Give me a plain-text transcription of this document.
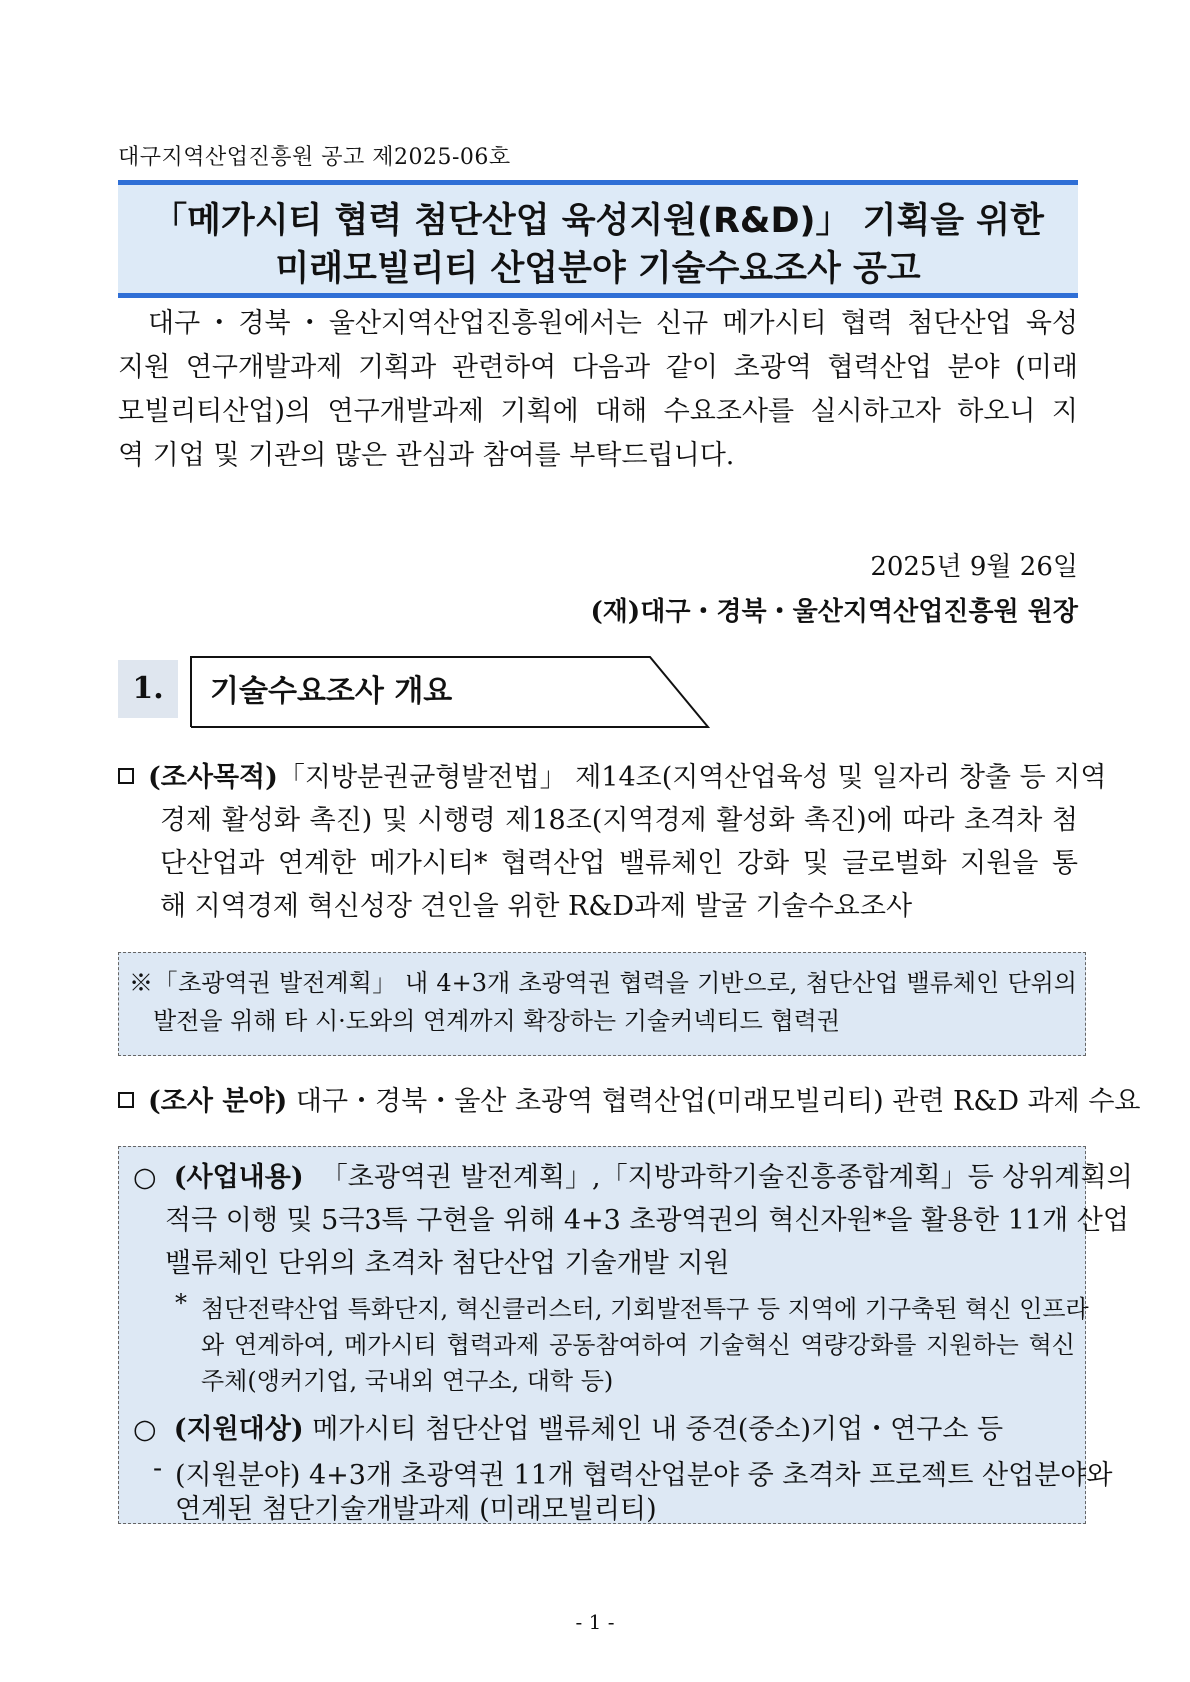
대구지역산업진흥원 공고 제2025-06호
「메가시티 협력 첨단산업 육성지원(R&D)」 기획을 위한
미래모빌리티 산업분야 기술수요조사 공고
대구・경북・울산지역산업진흥원에서는 신규 메가시티 협력 첨단산업 육성
지원 연구개발과제 기획과 관련하여 다음과 같이 초광역 협력산업 분야 (미래
모빌리티산업)의 연구개발과제 기획에 대해 수요조사를 실시하고자 하오니 지
역 기업 및 기관의 많은 관심과 참여를 부탁드립니다.
2025년 9월 26일
(재)대구・경북・울산지역산업진흥원 원장
1.	기술수요조사 개요
(조사목적)「지방분권균형발전법」 제14조(지역산업육성 및 일자리 창출 등 지역
경제 활성화 촉진) 및 시행령 제18조(지역경제 활성화 촉진)에 따라 초격차 첨
단산업과 연계한 메가시티* 협력산업 밸류체인 강화 및 글로벌화 지원을 통
해 지역경제 혁신성장 견인을 위한 R&D과제 발굴 기술수요조사
※「초광역권 발전계획」 내 4+3개 초광역권 협력을 기반으로, 첨단산업 밸류체인 단위의
발전을 위해 타 시·도와의 연계까지 확장하는 기술커넥티드 협력권
(조사 분야) 대구・경북・울산 초광역 협력산업(미래모빌리티) 관련 R&D 과제 수요
○ (사업내용) 「초광역권 발전계획」,「지방과학기술진흥종합계획」등 상위계획의
적극 이행 및 5극3특 구현을 위해 4+3 초광역권의 혁신자원*을 활용한 11개 산업
밸류체인 단위의 초격차 첨단산업 기술개발 지원
* 첨단전략산업 특화단지, 혁신클러스터, 기회발전특구 등 지역에 기구축된 혁신 인프라
와 연계하여, 메가시티 협력과제 공동참여하여 기술혁신 역량강화를 지원하는 혁신
주체(앵커기업, 국내외 연구소, 대학 등)
○ (지원대상) 메가시티 첨단산업 밸류체인 내 중견(중소)기업・연구소 등
- (지원분야) 4+3개 초광역권 11개 협력산업분야 중 초격차 프로젝트 산업분야와
연계된 첨단기술개발과제 (미래모빌리티)
- 1 -
